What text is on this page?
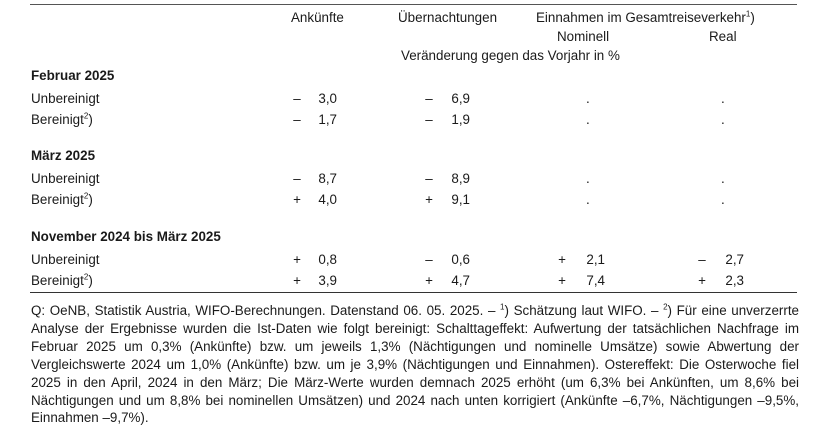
Ankünfte	Übernachtungen	Einnahmen im Gesamtreiseverkehr$^1$)
Nominell	Real
Veränderung gegen das Vorjahr in %
Februar 2025
Unbereinigt	–	3,0	–	6,9	.	.
Bereinigt$^2$)	–	1,7	–	1,9	.	.
März 2025
Unbereinigt	–	8,7	–	8,9	.	.
Bereinigt$^2$)	+	4,0	+	9,1	.	.
November 2024 bis März 2025
Unbereinigt	+	0,8	–	0,6	+	2,1	–	2,7
Bereinigt$^2$)	+	3,9	+	4,7	+	7,4	+	2,3
Q: OeNB, Statistik Austria, WIFO-Berechnungen. Datenstand 06. 05. 2025. – $^1$) Schätzung laut WIFO. – $^2$) Für eine unverzerrte Analyse der Ergebnisse wurden die Ist-Daten wie folgt bereinigt: Schalttageffekt: Aufwertung der tatsächlichen Nachfrage im Februar 2025 um 0,3% (Ankünfte) bzw. um jeweils 1,3% (Nächtigungen und nominelle Umsätze) sowie Abwertung der Vergleichswerte 2024 um 1,0% (Ankünfte) bzw. um je 3,9% (Nächtigungen und Einnahmen). Ostereffekt: Die Osterwoche fiel 2025 in den April, 2024 in den März; Die März-Werte wurden demnach 2025 erhöht (um 6,3% bei Ankünften, um 8,6% bei Nächtigungen und um 8,8% bei nominellen Umsätzen) und 2024 nach unten korrigiert (Ankünfte –6,7%, Nächtigungen –9,5%, Einnahmen –9,7%).
